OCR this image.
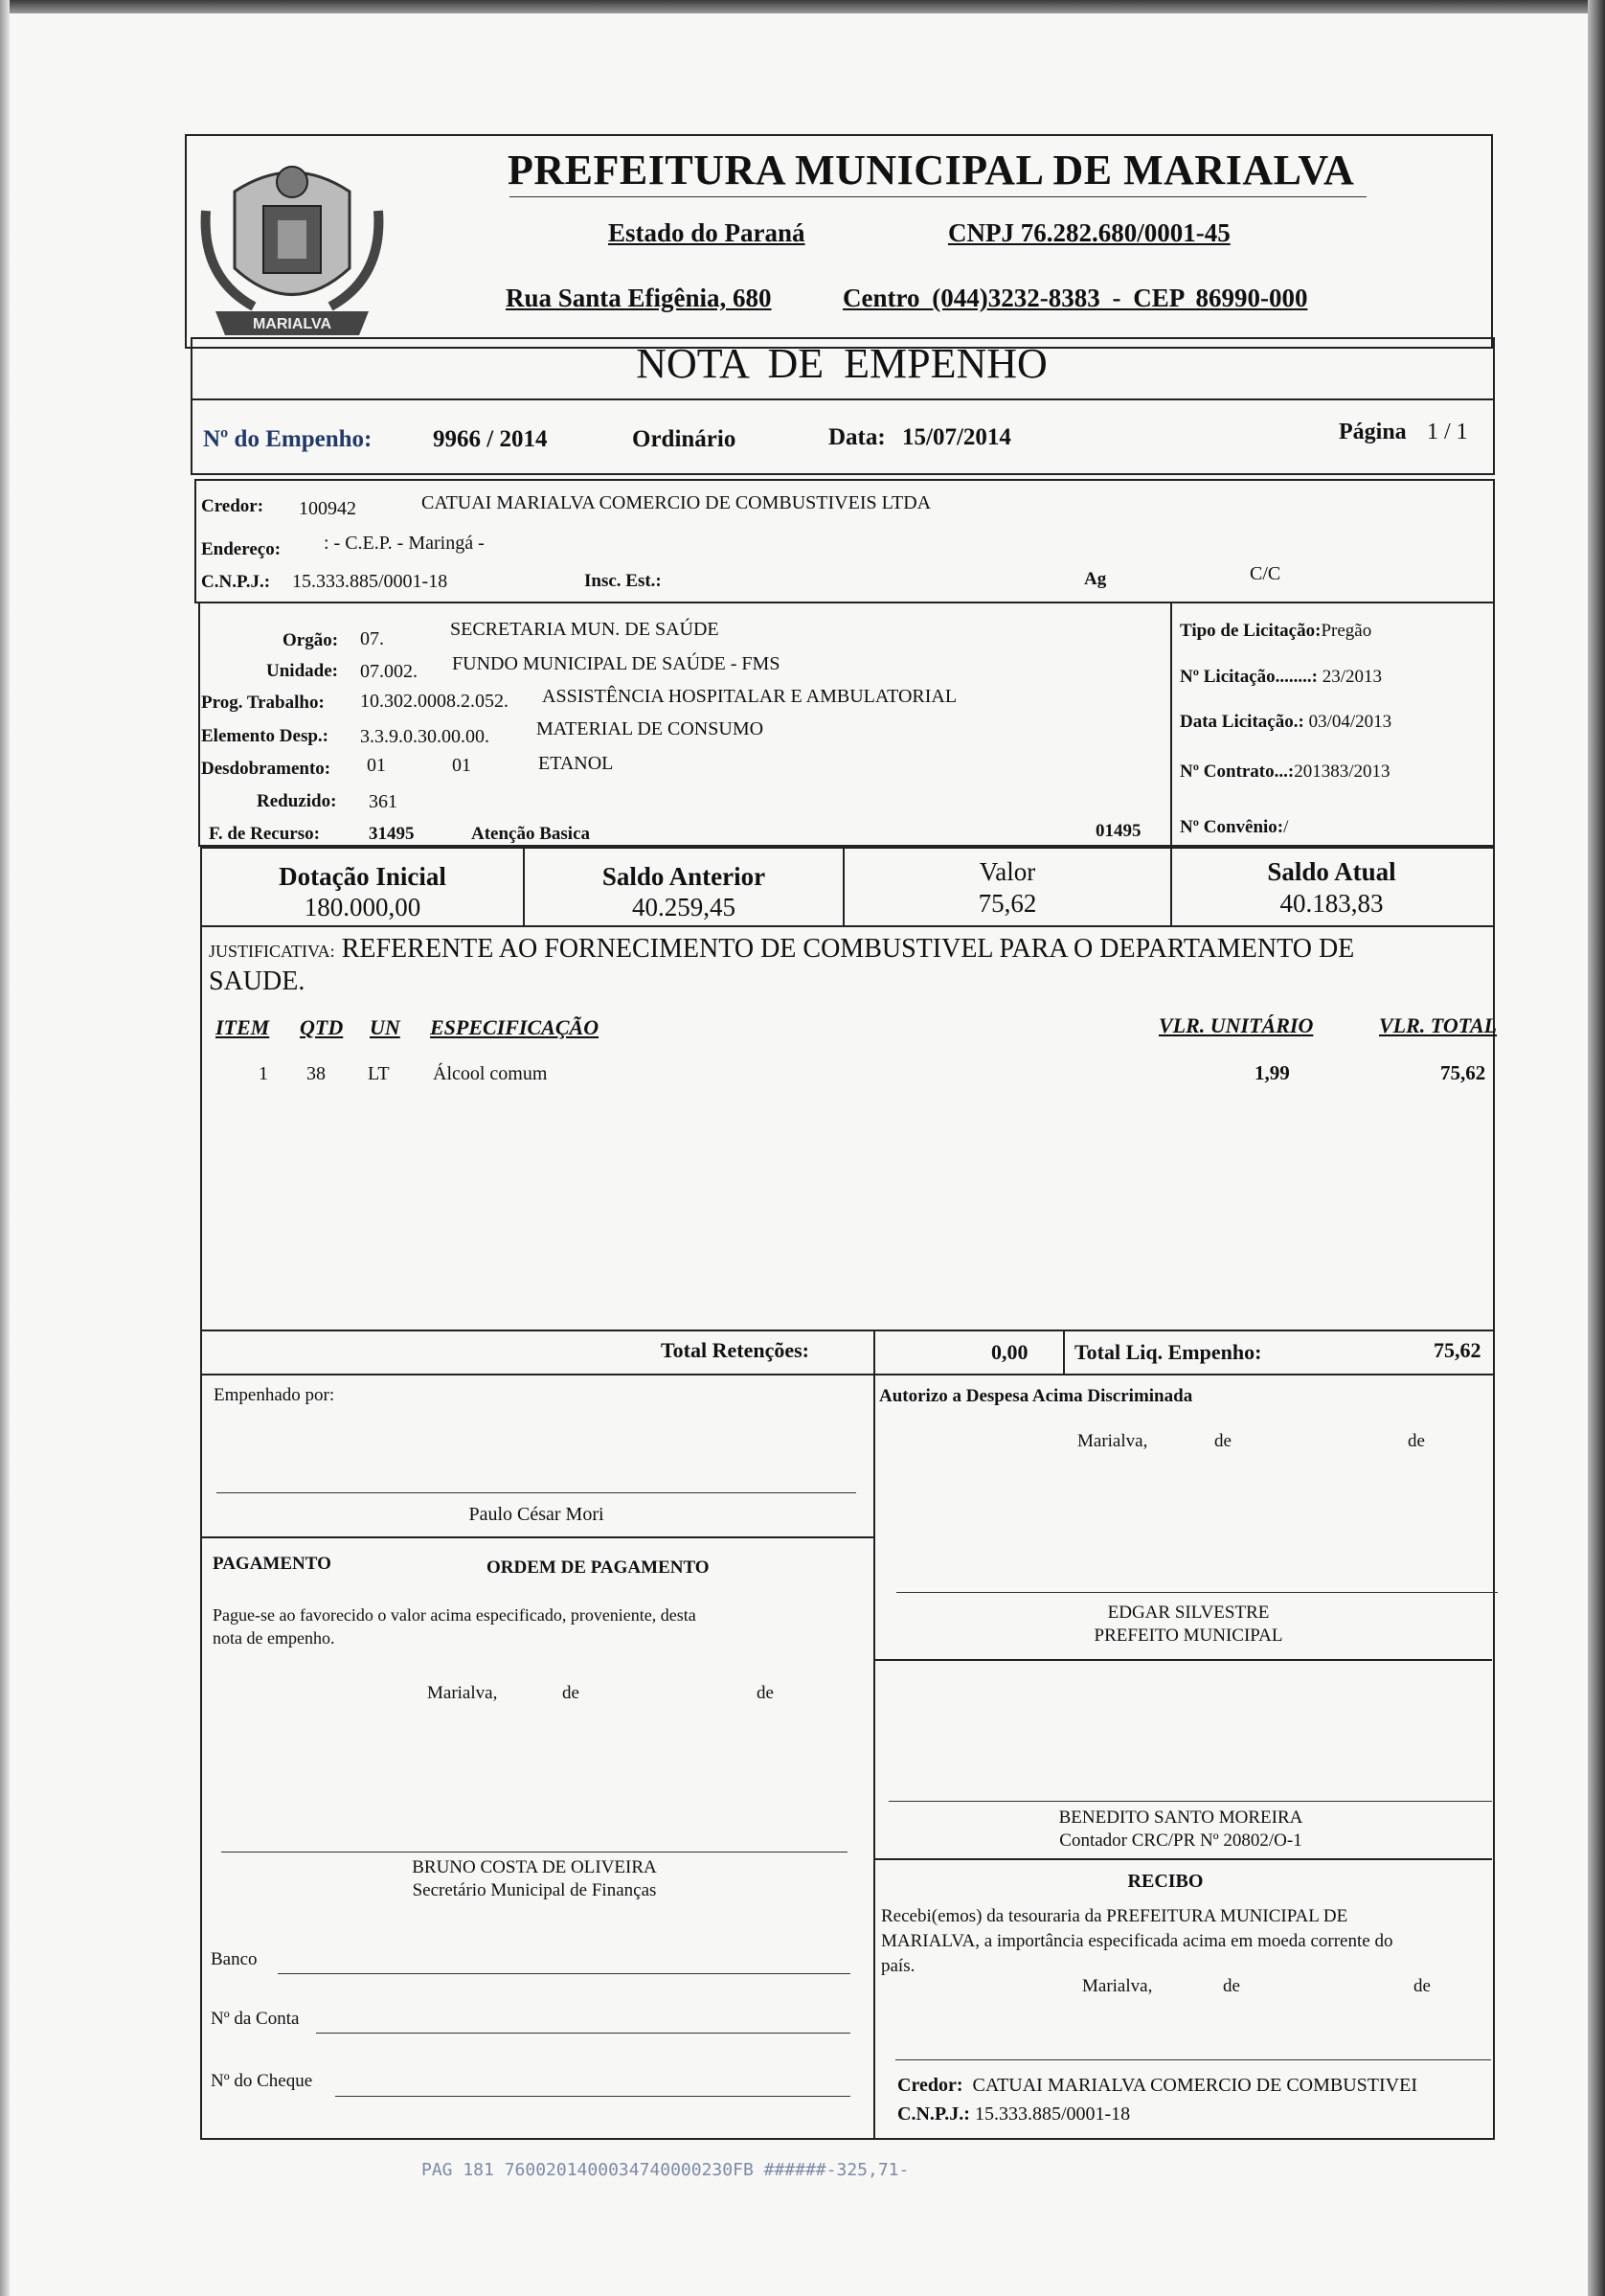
MARIALVA
PREFEITURA MUNICIPAL DE MARIALVA
Estado do Paraná	CNPJ 76.282.680/0001-45
Rua Santa Efigênia, 680	Centro (044)3232-8383 - CEP 86990-000
NOTA DE EMPENHO
Nº do Empenho:	9966 / 2014	Ordinário	Data: 15/07/2014	Página 1 / 1
Credor: 100942	CATUAI MARIALVA COMERCIO DE COMBUSTIVEIS LTDA
Endereço: : - C.E.P. - Maringá -
C.N.P.J.: 15.333.885/0001-18	Insc. Est.:	Ag	C/C
Orgão: 07.	SECRETARIA MUN. DE SAÚDE
Unidade: 07.002. FUNDO MUNICIPAL DE SAÚDE - FMS
Prog. Trabalho: 10.302.0008.2.052. ASSISTÊNCIA HOSPITALAR E AMBULATORIAL
Elemento Desp.: 3.3.9.0.30.00.00. MATERIAL DE CONSUMO
Desdobramento: 01	01	ETANOL
Reduzido: 361
F. de Recurso:	31495	Atenção Basica	01495
Tipo de Licitação:Pregão
Nº Licitação........: 23/2013
Data Licitação.: 03/04/2013
Nº Contrato...:201383/2013
Nº Convênio:/
Dotação Inicial
180.000,00
Saldo Anterior
40.259,45
Valor
75,62
Saldo Atual
40.183,83
JUSTIFICATIVA: REFERENTE AO FORNECIMENTO DE COMBUSTIVEL PARA O DEPARTAMENTO DE
SAUDE.
ITEM QTD UN ESPECIFICAÇÃO	VLR. UNITÁRIO	VLR. TOTAL
1 38 LT Álcool comum	1,99	75,62
Total Retenções:	0,00 Total Liq. Empenho:	75,62
Empenhado por:
Paulo César Mori
PAGAMENTO	ORDEM DE PAGAMENTO
Pague-se ao favorecido o valor acima especificado, proveniente, desta
nota de empenho.
Marialva,	de	de
BRUNO COSTA DE OLIVEIRA
Secretário Municipal de Finanças
Banco
Nº da Conta
Nº do Cheque
Autorizo a Despesa Acima Discriminada
Marialva,	de	de
EDGAR SILVESTRE
PREFEITO MUNICIPAL
BENEDITO SANTO MOREIRA
Contador CRC/PR Nº 20802/O-1
RECIBO
Recebi(emos) da tesouraria da PREFEITURA MUNICIPAL DE
MARIALVA, a importância especificada acima em moeda corrente do
país.
Marialva,	de	de
Credor: CATUAI MARIALVA COMERCIO DE COMBUSTIVEI
C.N.P.J.: 15.333.885/0001-18
PAG 181 7600201400034740000230FB ######-325,71-
